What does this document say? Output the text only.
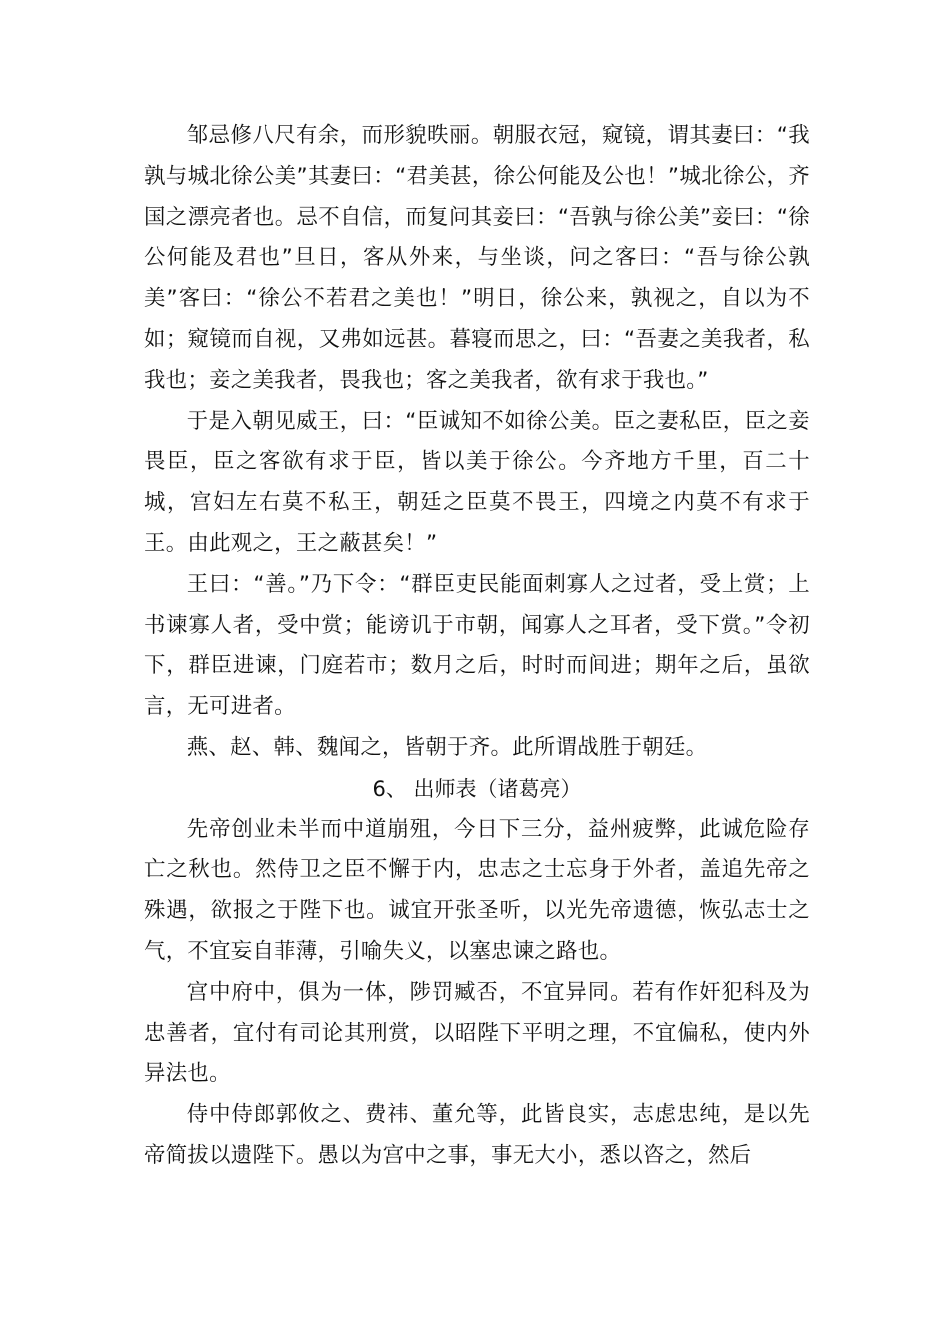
邹忌修八尺有余，而形貌昳丽。朝服衣冠，窥镜，谓其妻曰：“我孰与城北徐公美”其妻曰：“君美甚，徐公何能及公也！”城北徐公，齐国之漂亮者也。忌不自信，而复问其妾曰：“吾孰与徐公美”妾曰：“徐公何能及君也”旦日，客从外来，与坐谈，问之客曰：“吾与徐公孰美”客曰：“徐公不若君之美也！”明日，徐公来，孰视之，自以为不如；窥镜而自视，又弗如远甚。暮寝而思之，曰：“吾妻之美我者，私我也；妾之美我者，畏我也；客之美我者，欲有求于我也。”

于是入朝见威王，曰：“臣诚知不如徐公美。臣之妻私臣，臣之妾畏臣，臣之客欲有求于臣，皆以美于徐公。今齐地方千里，百二十城，宫妇左右莫不私王，朝廷之臣莫不畏王，四境之内莫不有求于王。由此观之，王之蔽甚矣！”

王曰：“善。”乃下令：“群臣吏民能面刺寡人之过者，受上赏；上书谏寡人者，受中赏；能谤讥于市朝，闻寡人之耳者，受下赏。”令初下，群臣进谏，门庭若市；数月之后，时时而间进；期年之后，虽欲言，无可进者。

燕、赵、韩、魏闻之，皆朝于齐。此所谓战胜于朝廷。

6、 出师表（诸葛亮）

先帝创业未半而中道崩殂，今日下三分，益州疲弊，此诚危险存亡之秋也。然侍卫之臣不懈于内，忠志之士忘身于外者，盖追先帝之殊遇，欲报之于陛下也。诚宜开张圣听，以光先帝遗德，恢弘志士之气，不宜妄自菲薄，引喻失义，以塞忠谏之路也。

宫中府中，俱为一体，陟罚臧否，不宜异同。若有作奸犯科及为忠善者，宜付有司论其刑赏，以昭陛下平明之理，不宜偏私，使内外异法也。

侍中侍郎郭攸之、费祎、董允等，此皆良实，志虑忠纯，是以先帝简拔以遗陛下。愚以为宫中之事，事无大小，悉以咨之，然后
